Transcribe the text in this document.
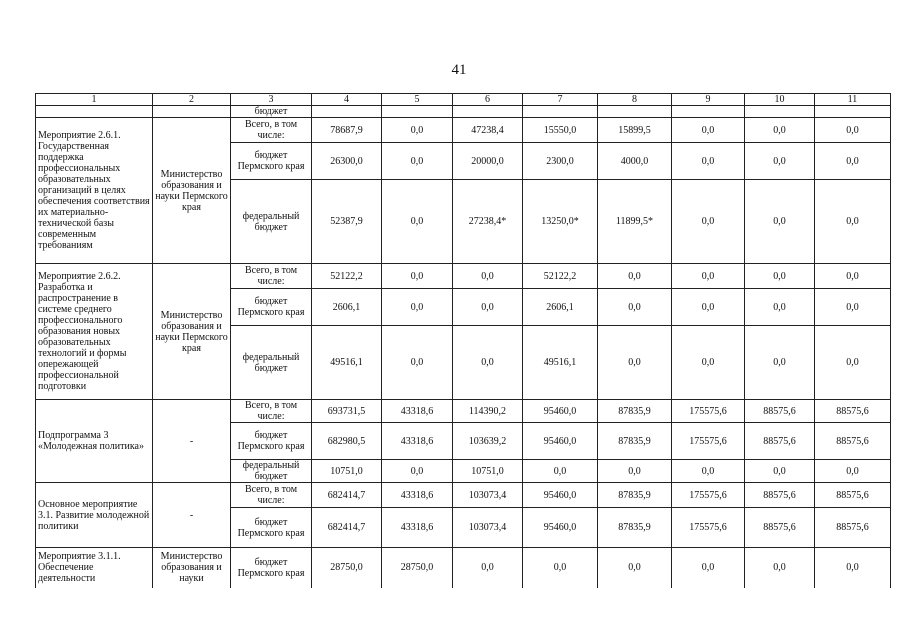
41
1	2	3	4	5	6	7	8	9	10	11
		бюджет								
Мероприятие 2.6.1. Государственная поддержка профессиональных образовательных организаций в целях обеспечения соответствия их материально-технической базы современным требованиям	Министерство образования и науки Пермского края	Всего, в том числе:	78687,9	0,0	47238,4	15550,0	15899,5	0,0	0,0	0,0
		бюджет Пермского края	26300,0	0,0	20000,0	2300,0	4000,0	0,0	0,0	0,0
		федеральный бюджет	52387,9	0,0	27238,4*	13250,0*	11899,5*	0,0	0,0	0,0
Мероприятие 2.6.2. Разработка и распространение в системе среднего профессионального образования новых образовательных технологий и формы опережающей профессиональной подготовки	Министерство образования и науки Пермского края	Всего, в том числе:	52122,2	0,0	0,0	52122,2	0,0	0,0	0,0	0,0
		бюджет Пермского края	2606,1	0,0	0,0	2606,1	0,0	0,0	0,0	0,0
		федеральный бюджет	49516,1	0,0	0,0	49516,1	0,0	0,0	0,0	0,0
Подпрограмма 3 «Молодежная политика»	-	Всего, в том числе:	693731,5	43318,6	114390,2	95460,0	87835,9	175575,6	88575,6	88575,6
		бюджет Пермского края	682980,5	43318,6	103639,2	95460,0	87835,9	175575,6	88575,6	88575,6
		федеральный бюджет	10751,0	0,0	10751,0	0,0	0,0	0,0	0,0	0,0
Основное мероприятие 3.1. Развитие молодежной политики	-	Всего, в том числе:	682414,7	43318,6	103073,4	95460,0	87835,9	175575,6	88575,6	88575,6
		бюджет Пермского края	682414,7	43318,6	103073,4	95460,0	87835,9	175575,6	88575,6	88575,6
Мероприятие 3.1.1. Обеспечение деятельности	Министерство образования и науки	бюджет Пермского края	28750,0	28750,0	0,0	0,0	0,0	0,0	0,0	0,0
